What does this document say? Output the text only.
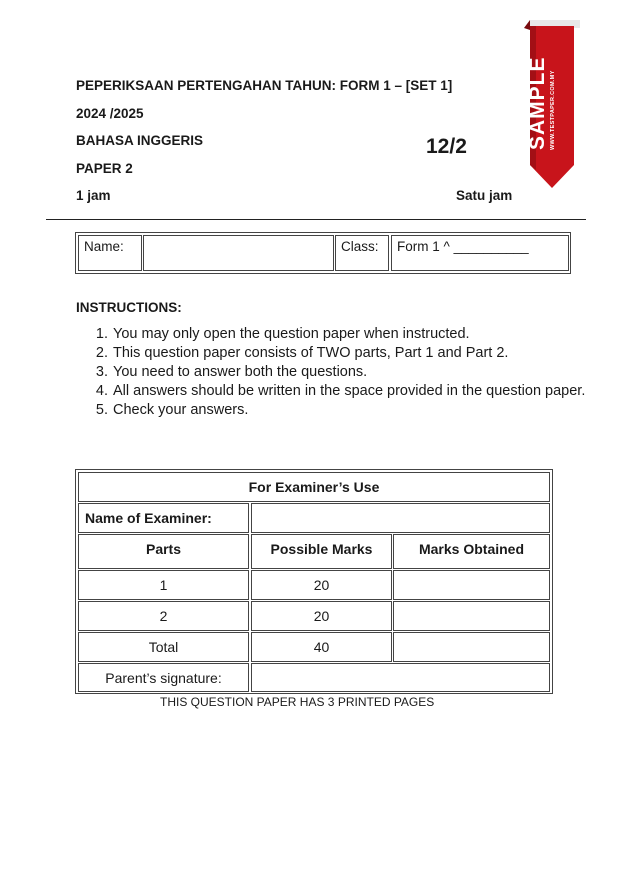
PEPERIKSAAN PERTENGAHAN TAHUN: FORM 1 – [SET 1]
2024 /2025
BAHASA INGGERIS	12/2
PAPER 2
1 jam	Satu jam
Name:	Class:	Form 1 ^ __________
INSTRUCTIONS:
1. You may only open the question paper when instructed.
2. This question paper consists of TWO parts, Part 1 and Part 2.
3. You need to answer both the questions.
4. All answers should be written in the space provided in the question paper.
5. Check your answers.
For Examiner’s Use
Name of Examiner:
Parts	Possible Marks	Marks Obtained
1	20
2	20
Total	40
Parent’s signature:
THIS QUESTION PAPER HAS 3 PRINTED PAGES
SAMPLE WWW.TESTPAPER.COM.MY
